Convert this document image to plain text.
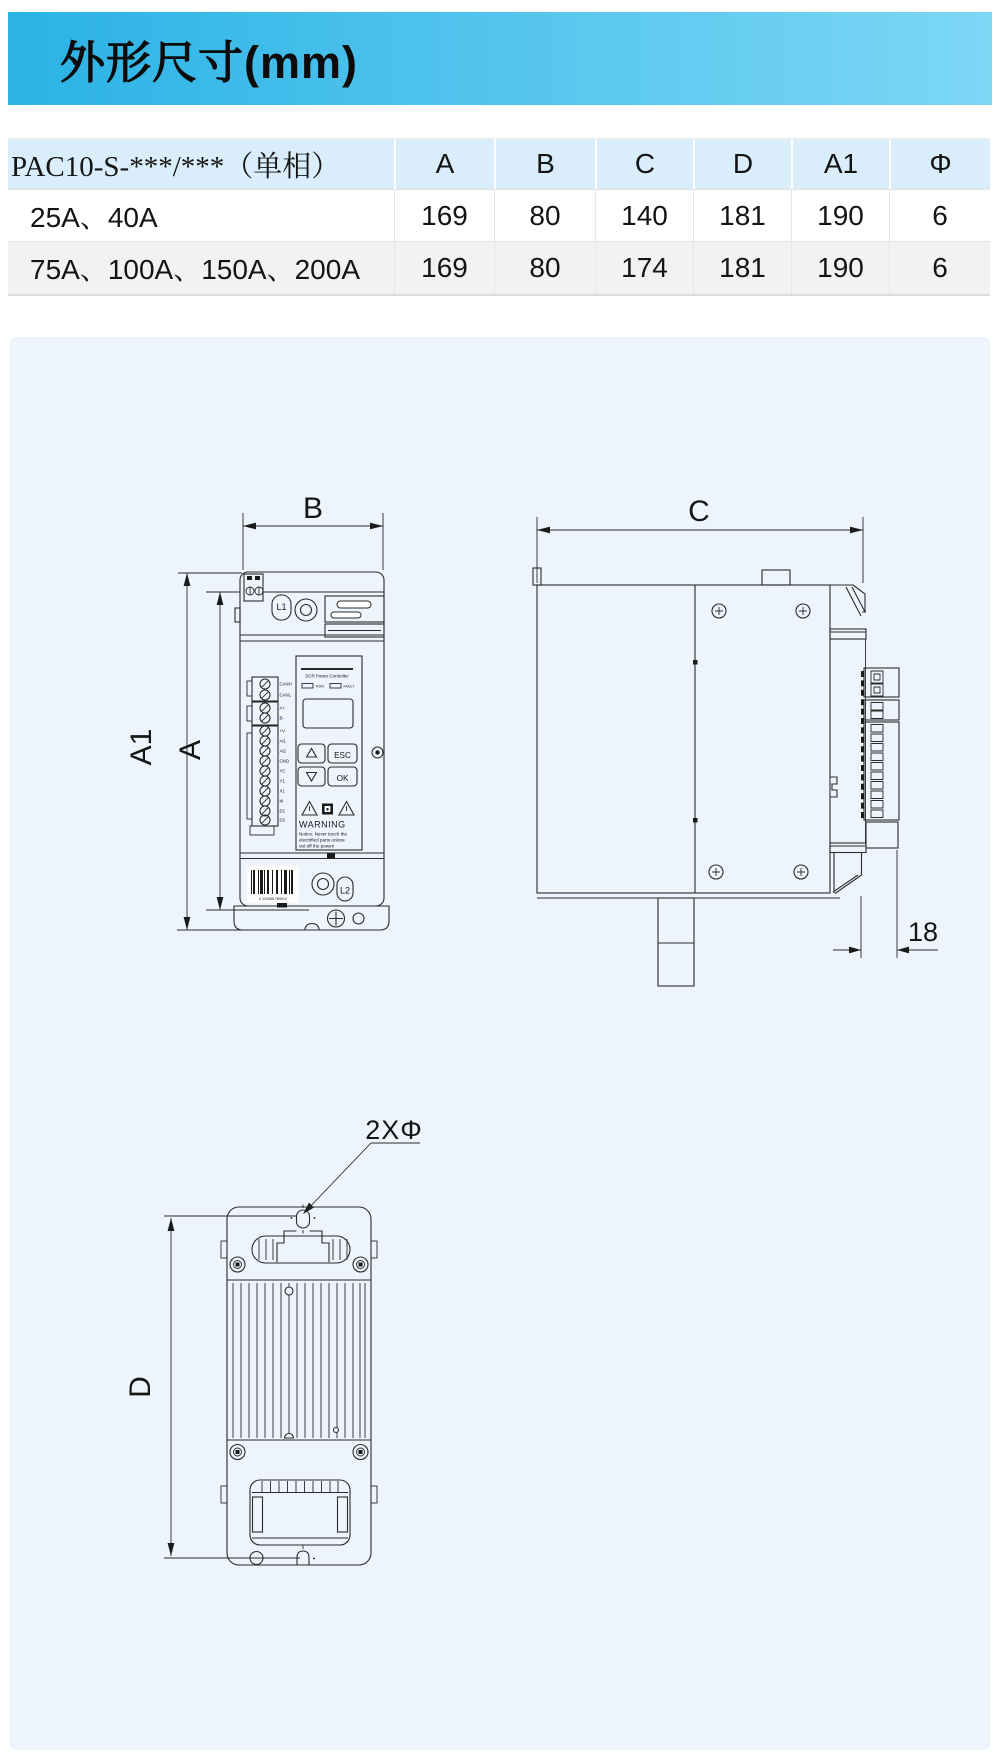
外形尺寸(mm)
PAC10-S-***/***（单相）	A	B	C	D	A1	Φ
25A、40A	169	80	140	181	190	6
75A、100A、150A、200A	169	80	174	181	190	6
B
A1 A
L1
CANH
CANL
A+
B-
+V
AI1
AI2
GND
YC
Y1
X1
M
D1
D2
SCR Power Controller
RUN	FAULT
ESC
OK
WARNING
Notice: Never touch the
electrified parts unless
out off the power!
0 123456 789012
L2
C
18
2XΦ
D
